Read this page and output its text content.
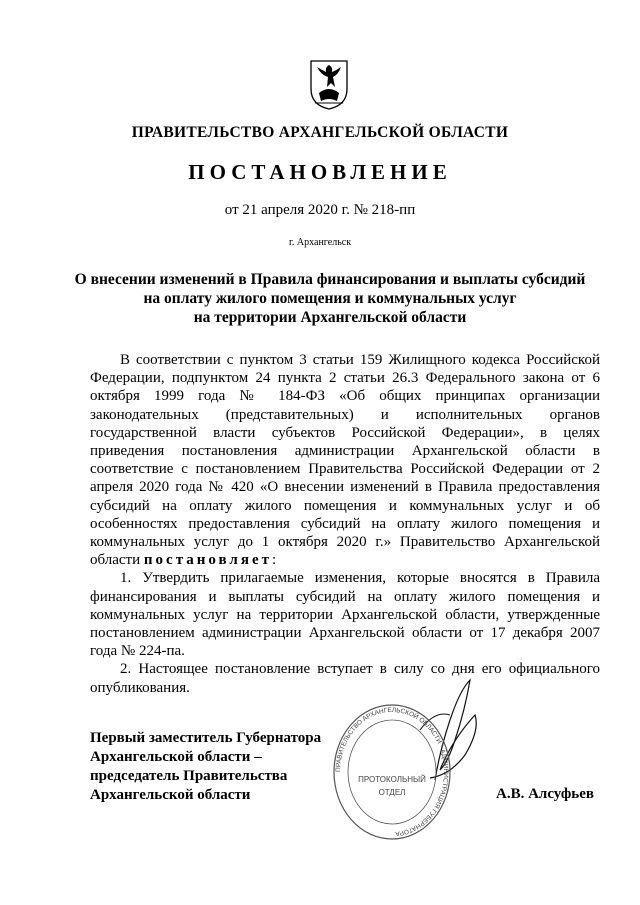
ПРАВИТЕЛЬСТВО АРХАНГЕЛЬСКОЙ ОБЛАСТИ
ПОСТАНОВЛЕНИЕ
от 21 апреля 2020 г. № 218-пп
г. Архангельск
О внесении изменений в Правила финансирования и выплаты субсидий
на оплату жилого помещения и коммунальных услуг
на территории Архангельской области

В соответствии с пунктом 3 статьи 159 Жилищного кодекса Российской Федерации, подпунктом 24 пункта 2 статьи 26.3 Федерального закона от 6 октября 1999 года № 184-ФЗ «Об общих принципах организации законодательных (представительных) и исполнительных органов государственной власти субъектов Российской Федерации», в целях приведения постановления администрации Архангельской области в соответствие с постановлением Правительства Российской Федерации от 2 апреля 2020 года № 420 «О внесении изменений в Правила предоставления субсидий на оплату жилого помещения и коммунальных услуг и об особенностях предоставления субсидий на оплату жилого помещения и коммунальных услуг до 1 октября 2020 г.» Правительство Архангельской области постановляет:

1. Утвердить прилагаемые изменения, которые вносятся в Правила финансирования и выплаты субсидий на оплату жилого помещения и коммунальных услуг на территории Архангельской области, утвержденные постановлением администрации Архангельской области от 17 декабря 2007 года № 224-па.

2. Настоящее постановление вступает в силу со дня его официального опубликования.

Первый заместитель Губернатора
Архангельской области –
председатель Правительства
Архангельской области
ПРАВИТЕЛЬСТВО АРХАНГЕЛЬСКОЙ ОБЛАСТИ * АДМИНИСТРАЦИЯ ГУБЕРНАТОРА
ПРОТОКОЛЬНЫЙ
ОТДЕЛ	А.В. Алсуфьев
